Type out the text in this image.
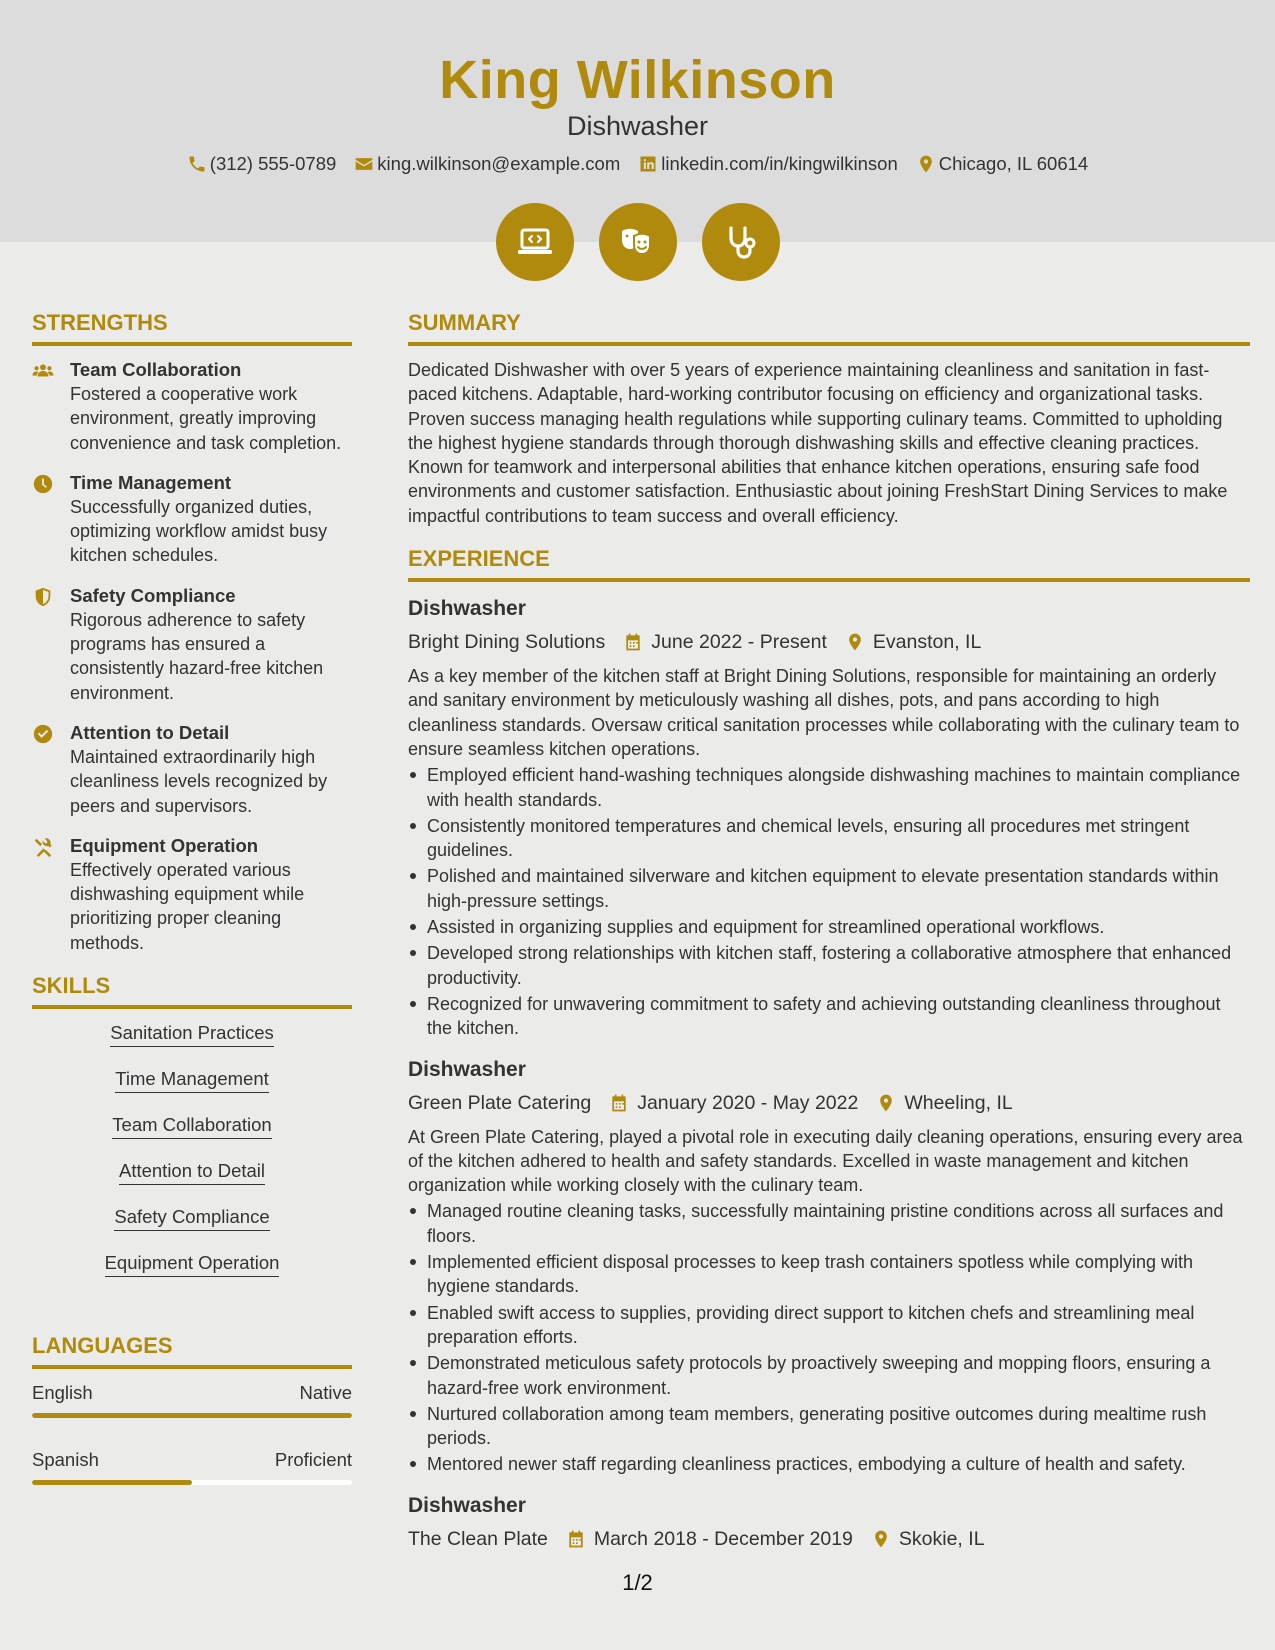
King Wilkinson
Dishwasher
(312) 555-0789 king.wilkinson@example.com linkedin.com/in/kingwilkinson Chicago, IL 60614
STRENGTHS
Team Collaboration
Fostered a cooperative work environment, greatly improving convenience and task completion.
Time Management
Successfully organized duties, optimizing workflow amidst busy kitchen schedules.
Safety Compliance
Rigorous adherence to safety programs has ensured a consistently hazard-free kitchen environment.
Attention to Detail
Maintained extraordinarily high cleanliness levels recognized by peers and supervisors.
Equipment Operation
Effectively operated various dishwashing equipment while prioritizing proper cleaning methods.
SKILLS
Sanitation Practices
Time Management
Team Collaboration
Attention to Detail
Safety Compliance
Equipment Operation
LANGUAGES
English	Native
Spanish	Proficient
SUMMARY
Dedicated Dishwasher with over 5 years of experience maintaining cleanliness and sanitation in fast-paced kitchens. Adaptable, hard-working contributor focusing on efficiency and organizational tasks. Proven success managing health regulations while supporting culinary teams. Committed to upholding the highest hygiene standards through thorough dishwashing skills and effective cleaning practices. Known for teamwork and interpersonal abilities that enhance kitchen operations, ensuring safe food environments and customer satisfaction. Enthusiastic about joining FreshStart Dining Services to make impactful contributions to team success and overall efficiency.
EXPERIENCE
Dishwasher
Bright Dining Solutions June 2022 - Present Evanston, IL
As a key member of the kitchen staff at Bright Dining Solutions, responsible for maintaining an orderly and sanitary environment by meticulously washing all dishes, pots, and pans according to high cleanliness standards. Oversaw critical sanitation processes while collaborating with the culinary team to ensure seamless kitchen operations.
Employed efficient hand-washing techniques alongside dishwashing machines to maintain compliance with health standards.
Consistently monitored temperatures and chemical levels, ensuring all procedures met stringent guidelines.
Polished and maintained silverware and kitchen equipment to elevate presentation standards within high-pressure settings.
Assisted in organizing supplies and equipment for streamlined operational workflows.
Developed strong relationships with kitchen staff, fostering a collaborative atmosphere that enhanced productivity.
Recognized for unwavering commitment to safety and achieving outstanding cleanliness throughout the kitchen.
Dishwasher
Green Plate Catering January 2020 - May 2022 Wheeling, IL
At Green Plate Catering, played a pivotal role in executing daily cleaning operations, ensuring every area of the kitchen adhered to health and safety standards. Excelled in waste management and kitchen organization while working closely with the culinary team.
Managed routine cleaning tasks, successfully maintaining pristine conditions across all surfaces and floors.
Implemented efficient disposal processes to keep trash containers spotless while complying with hygiene standards.
Enabled swift access to supplies, providing direct support to kitchen chefs and streamlining meal preparation efforts.
Demonstrated meticulous safety protocols by proactively sweeping and mopping floors, ensuring a hazard-free work environment.
Nurtured collaboration among team members, generating positive outcomes during mealtime rush periods.
Mentored newer staff regarding cleanliness practices, embodying a culture of health and safety.
Dishwasher
The Clean Plate March 2018 - December 2019 Skokie, IL
1/2
